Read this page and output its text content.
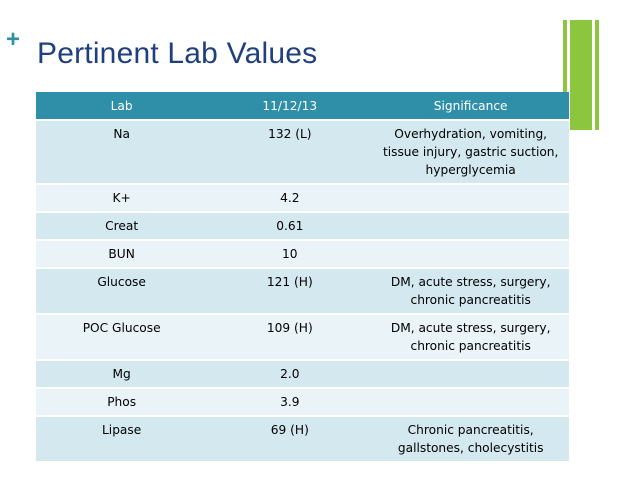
+ Pertinent Lab Values
Lab	11/12/13	Significance
Na	132 (L)	Overhydration, vomiting, tissue injury, gastric suction, hyperglycemia
K+	4.2	
Creat	0.61	
BUN	10	
Glucose	121 (H)	DM, acute stress, surgery, chronic pancreatitis
POC Glucose	109 (H)	DM, acute stress, surgery, chronic pancreatitis
Mg	2.0	
Phos	3.9	
Lipase	69 (H)	Chronic pancreatitis, gallstones, cholecystitis
